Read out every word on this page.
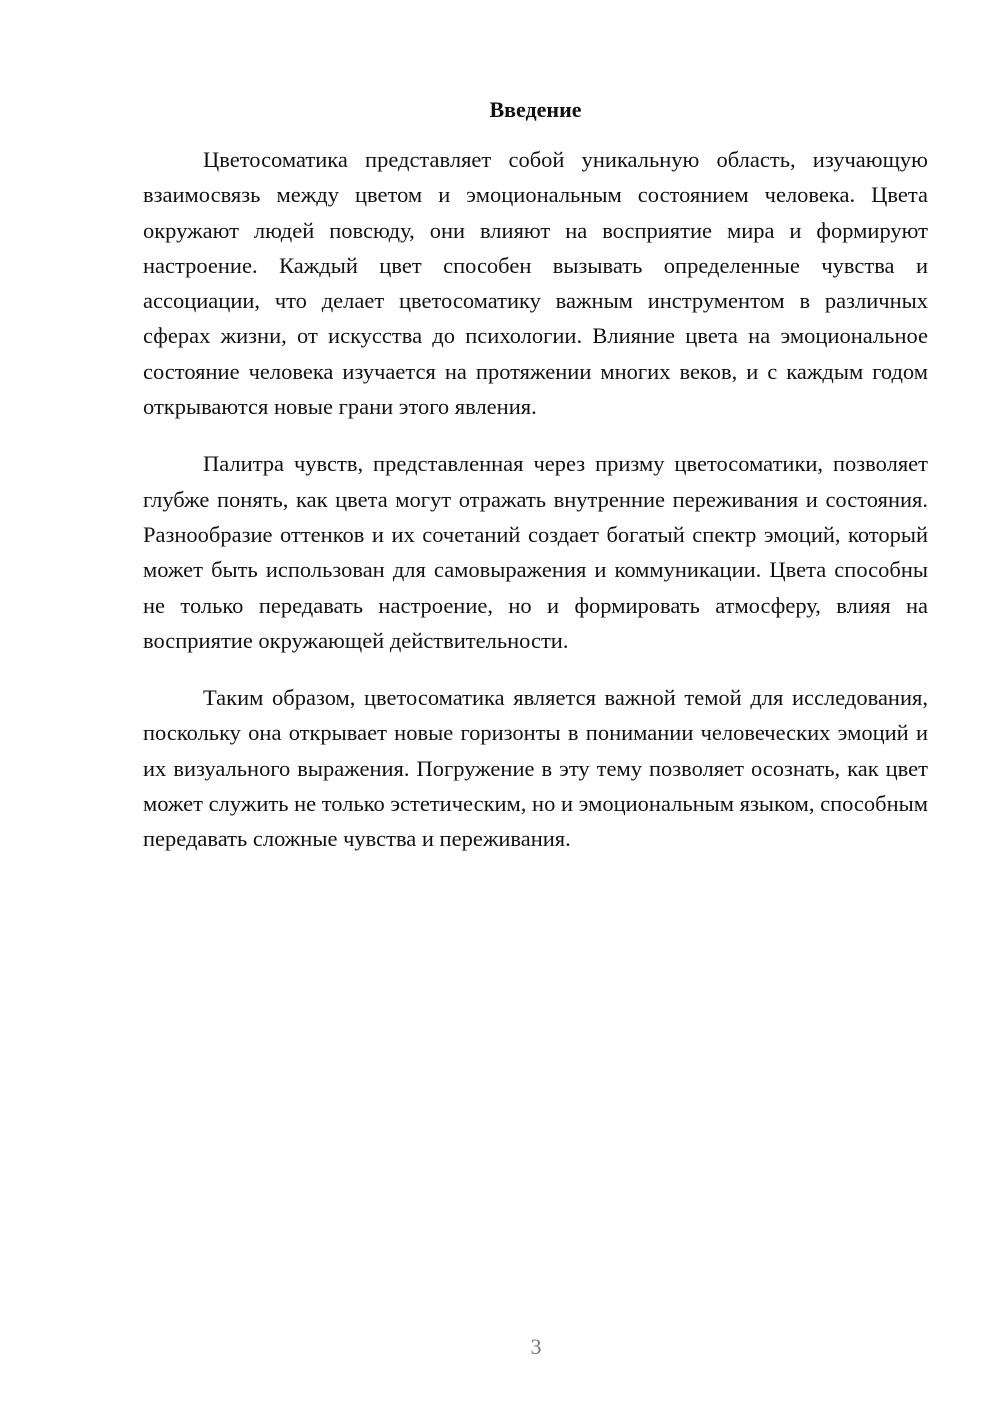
Введение

Цветосоматика представляет собой уникальную область, изучающую взаимосвязь между цветом и эмоциональным состоянием человека. Цвета окружают людей повсюду, они влияют на восприятие мира и формируют настроение. Каждый цвет способен вызывать определенные чувства и ассоциации, что делает цветосоматику важным инструментом в различных сферах жизни, от искусства до психологии. Влияние цвета на эмоциональное состояние человека изучается на протяжении многих веков, и с каждым годом открываются новые грани этого явления.

Палитра чувств, представленная через призму цветосоматики, позволяет глубже понять, как цвета могут отражать внутренние переживания и состояния. Разнообразие оттенков и их сочетаний создает богатый спектр эмоций, который может быть использован для самовыражения и коммуникации. Цвета способны не только передавать настроение, но и формировать атмосферу, влияя на восприятие окружающей действительности.

Таким образом, цветосоматика является важной темой для исследования, поскольку она открывает новые горизонты в понимании человеческих эмоций и их визуального выражения. Погружение в эту тему позволяет осознать, как цвет может служить не только эстетическим, но и эмоциональным языком, способным передавать сложные чувства и переживания.

3
